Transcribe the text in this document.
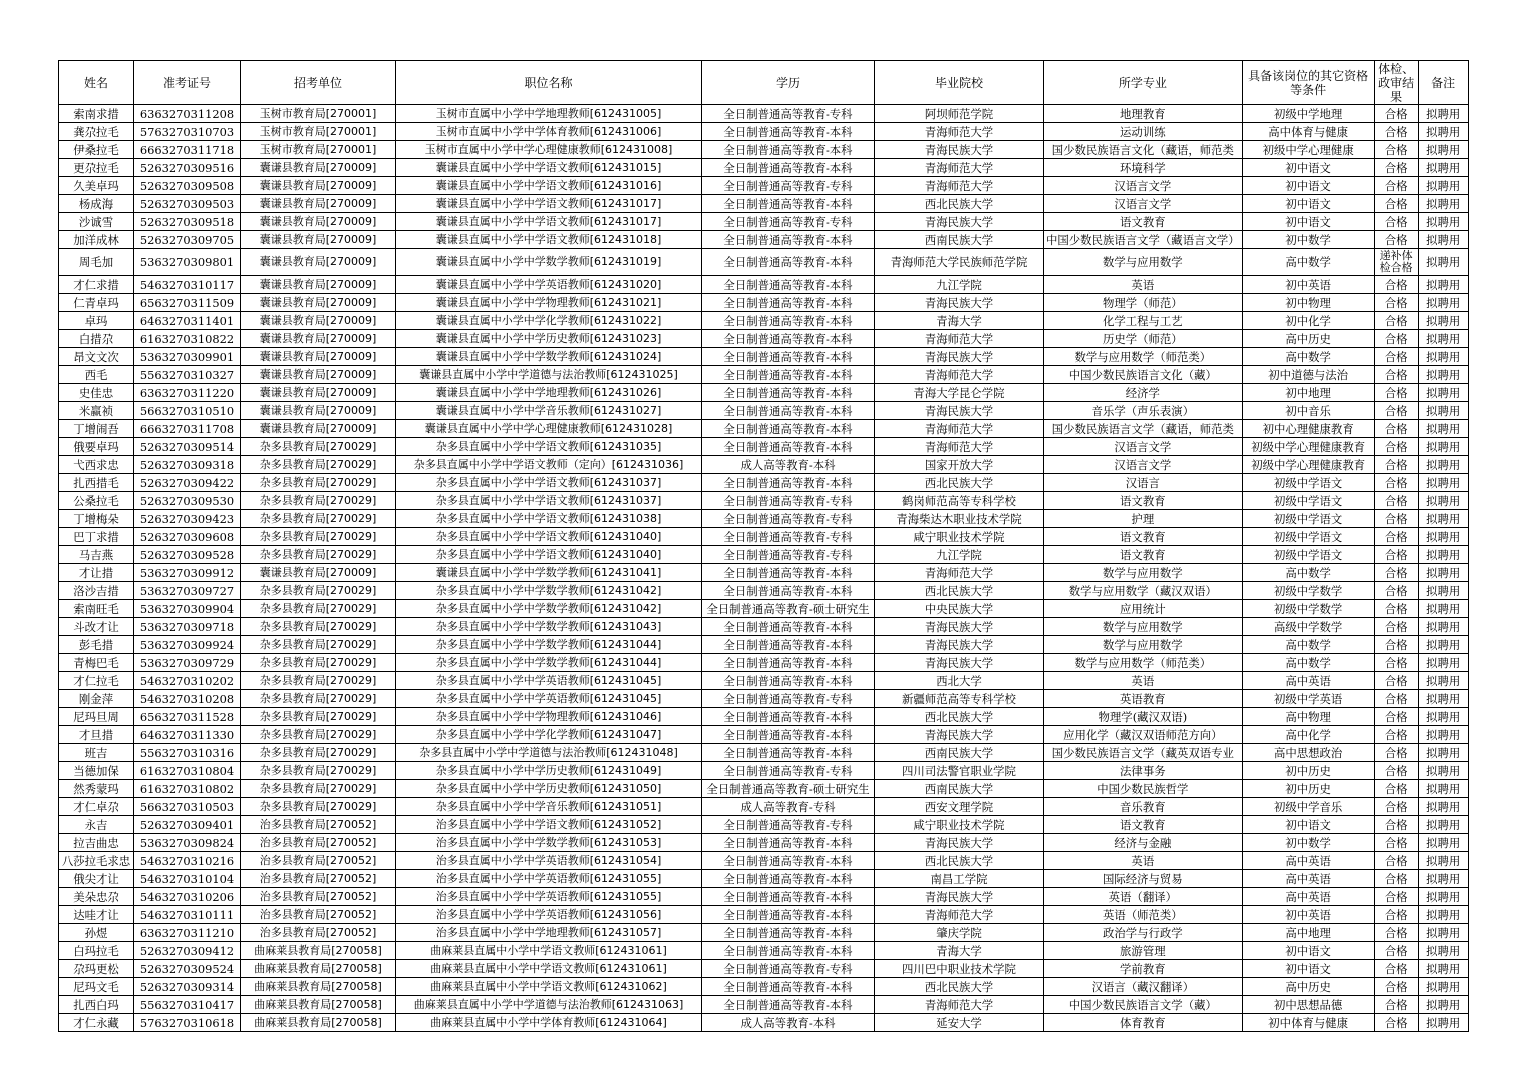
姓名	准考证号	招考单位	职位名称	学历	毕业院校	所学专业	具备该岗位的其它资格等条件	体检、政审结果	备注
索南求措	6363270311208	玉树市教育局[270001]	玉树市直属中小学中学地理教师[612431005]	全日制普通高等教育-专科	阿坝师范学院	地理教育	初级中学地理	合格	拟聘用
龚尕拉毛	5763270310703	玉树市教育局[270001]	玉树市直属中小学中学体育教师[612431006]	全日制普通高等教育-本科	青海师范大学	运动训练	高中体育与健康	合格	拟聘用
伊桑拉毛	6663270311718	玉树市教育局[270001]	玉树市直属中小学中学心理健康教师[612431008]	全日制普通高等教育-本科	青海民族大学	国少数民族语言文化（藏语，师范类	初级中学心理健康	合格	拟聘用
更尕拉毛	5263270309516	囊谦县教育局[270009]	囊谦县直属中小学中学语文教师[612431015]	全日制普通高等教育-本科	青海师范大学	环境科学	初中语文	合格	拟聘用
久美卓玛	5263270309508	囊谦县教育局[270009]	囊谦县直属中小学中学语文教师[612431016]	全日制普通高等教育-专科	青海师范大学	汉语言文学	初中语文	合格	拟聘用
杨成海	5263270309503	囊谦县教育局[270009]	囊谦县直属中小学中学语文教师[612431017]	全日制普通高等教育-本科	西北民族大学	汉语言文学	初中语文	合格	拟聘用
沙诚雪	5263270309518	囊谦县教育局[270009]	囊谦县直属中小学中学语文教师[612431017]	全日制普通高等教育-专科	青海民族大学	语文教育	初中语文	合格	拟聘用
加洋成林	5263270309705	囊谦县教育局[270009]	囊谦县直属中小学中学语文教师[612431018]	全日制普通高等教育-本科	西南民族大学	中国少数民族语言文学（藏语言文学）	初中数学	合格	拟聘用
周毛加	5363270309801	囊谦县教育局[270009]	囊谦县直属中小学中学数学教师[612431019]	全日制普通高等教育-本科	青海师范大学民族师范学院	数学与应用数学	高中数学	递补体检合格	拟聘用
才仁求措	5463270310117	囊谦县教育局[270009]	囊谦县直属中小学中学英语教师[612431020]	全日制普通高等教育-本科	九江学院	英语	初中英语	合格	拟聘用
仁青卓玛	6563270311509	囊谦县教育局[270009]	囊谦县直属中小学中学物理教师[612431021]	全日制普通高等教育-本科	青海民族大学	物理学（师范）	初中物理	合格	拟聘用
卓玛	6463270311401	囊谦县教育局[270009]	囊谦县直属中小学中学化学教师[612431022]	全日制普通高等教育-本科	青海大学	化学工程与工艺	初中化学	合格	拟聘用
白措尕	6163270310822	囊谦县教育局[270009]	囊谦县直属中小学中学历史教师[612431023]	全日制普通高等教育-本科	青海师范大学	历史学（师范）	高中历史	合格	拟聘用
昂文文次	5363270309901	囊谦县教育局[270009]	囊谦县直属中小学中学数学教师[612431024]	全日制普通高等教育-本科	青海民族大学	数学与应用数学（师范类）	高中数学	合格	拟聘用
西毛	5563270310327	囊谦县教育局[270009]	囊谦县直属中小学中学道德与法治教师[612431025]	全日制普通高等教育-本科	青海师范大学	中国少数民族语言文化（藏）	初中道德与法治	合格	拟聘用
史佳忠	6363270311220	囊谦县教育局[270009]	囊谦县直属中小学中学地理教师[612431026]	全日制普通高等教育-本科	青海大学昆仑学院	经济学	初中地理	合格	拟聘用
米赢祯	5663270310510	囊谦县教育局[270009]	囊谦县直属中小学中学音乐教师[612431027]	全日制普通高等教育-本科	青海民族大学	音乐学（声乐表演）	初中音乐	合格	拟聘用
丁增闹吾	6663270311708	囊谦县教育局[270009]	囊谦县直属中小学中学心理健康教师[612431028]	全日制普通高等教育-本科	青海师范大学	国少数民族语言文学（藏语，师范类	初中心理健康教育	合格	拟聘用
俄要卓玛	5263270309514	杂多县教育局[270029]	杂多县直属中小学中学语文教师[612431035]	全日制普通高等教育-本科	青海师范大学	汉语言文学	初级中学心理健康教育	合格	拟聘用
弋西求忠	5263270309318	杂多县教育局[270029]	杂多县直属中小学中学语文教师（定向）[612431036]	成人高等教育-本科	国家开放大学	汉语言文学	初级中学心理健康教育	合格	拟聘用
扎西措毛	5263270309422	杂多县教育局[270029]	杂多县直属中小学中学语文教师[612431037]	全日制普通高等教育-本科	西北民族大学	汉语言	初级中学语文	合格	拟聘用
公桑拉毛	5263270309530	杂多县教育局[270029]	杂多县直属中小学中学语文教师[612431037]	全日制普通高等教育-专科	鹤岗师范高等专科学校	语文教育	初级中学语文	合格	拟聘用
丁增梅朵	5263270309423	杂多县教育局[270029]	杂多县直属中小学中学语文教师[612431038]	全日制普通高等教育-专科	青海柴达木职业技术学院	护理	初级中学语文	合格	拟聘用
巴丁求措	5263270309608	杂多县教育局[270029]	杂多县直属中小学中学语文教师[612431040]	全日制普通高等教育-专科	咸宁职业技术学院	语文教育	初级中学语文	合格	拟聘用
马吉燕	5263270309528	杂多县教育局[270029]	杂多县直属中小学中学语文教师[612431040]	全日制普通高等教育-专科	九江学院	语文教育	初级中学语文	合格	拟聘用
才让措	5363270309912	囊谦县教育局[270009]	囊谦县直属中小学中学数学教师[612431041]	全日制普通高等教育-本科	青海师范大学	数学与应用数学	高中数学	合格	拟聘用
洛沙吉措	5363270309727	杂多县教育局[270029]	杂多县直属中小学中学数学教师[612431042]	全日制普通高等教育-本科	西北民族大学	数学与应用数学（藏汉双语）	初级中学数学	合格	拟聘用
索南旺毛	5363270309904	杂多县教育局[270029]	杂多县直属中小学中学数学教师[612431042]	全日制普通高等教育-硕士研究生	中央民族大学	应用统计	初级中学数学	合格	拟聘用
斗改才让	5363270309718	杂多县教育局[270029]	杂多县直属中小学中学数学教师[612431043]	全日制普通高等教育-本科	青海民族大学	数学与应用数学	高级中学数学	合格	拟聘用
彭毛措	5363270309924	杂多县教育局[270029]	杂多县直属中小学中学数学教师[612431044]	全日制普通高等教育-本科	青海民族大学	数学与应用数学	高中数学	合格	拟聘用
青梅巴毛	5363270309729	杂多县教育局[270029]	杂多县直属中小学中学数学教师[612431044]	全日制普通高等教育-本科	青海民族大学	数学与应用数学（师范类）	高中数学	合格	拟聘用
才仁拉毛	5463270310202	杂多县教育局[270029]	杂多县直属中小学中学英语教师[612431045]	全日制普通高等教育-本科	西北大学	英语	高中英语	合格	拟聘用
刚金萍	5463270310208	杂多县教育局[270029]	杂多县直属中小学中学英语教师[612431045]	全日制普通高等教育-专科	新疆师范高等专科学校	英语教育	初级中学英语	合格	拟聘用
尼玛旦周	6563270311528	杂多县教育局[270029]	杂多县直属中小学中学物理教师[612431046]	全日制普通高等教育-本科	西北民族大学	物理学(藏汉双语)	高中物理	合格	拟聘用
才旦措	6463270311330	杂多县教育局[270029]	杂多县直属中小学中学化学教师[612431047]	全日制普通高等教育-本科	青海民族大学	应用化学（藏汉双语师范方向）	高中化学	合格	拟聘用
班吉	5563270310316	杂多县教育局[270029]	杂多县直属中小学中学道德与法治教师[612431048]	全日制普通高等教育-本科	西南民族大学	国少数民族语言文学（藏英双语专业	高中思想政治	合格	拟聘用
当德加保	6163270310804	杂多县教育局[270029]	杂多县直属中小学中学历史教师[612431049]	全日制普通高等教育-专科	四川司法警官职业学院	法律事务	初中历史	合格	拟聘用
然秀蒙玛	6163270310802	杂多县教育局[270029]	杂多县直属中小学中学历史教师[612431050]	全日制普通高等教育-硕士研究生	西南民族大学	中国少数民族哲学	初中历史	合格	拟聘用
才仁卓尕	5663270310503	杂多县教育局[270029]	杂多县直属中小学中学音乐教师[612431051]	成人高等教育-专科	西安文理学院	音乐教育	初级中学音乐	合格	拟聘用
永吉	5263270309401	治多县教育局[270052]	治多县直属中小学中学语文教师[612431052]	全日制普通高等教育-专科	咸宁职业技术学院	语文教育	初中语文	合格	拟聘用
拉吉曲忠	5363270309824	治多县教育局[270052]	治多县直属中小学中学数学教师[612431053]	全日制普通高等教育-本科	青海民族大学	经济与金融	初中数学	合格	拟聘用
八莎拉毛求忠	5463270310216	治多县教育局[270052]	治多县直属中小学中学英语教师[612431054]	全日制普通高等教育-本科	西北民族大学	英语	高中英语	合格	拟聘用
俄尖才让	5463270310104	治多县教育局[270052]	治多县直属中小学中学英语教师[612431055]	全日制普通高等教育-本科	南昌工学院	国际经济与贸易	高中英语	合格	拟聘用
美朵忠尕	5463270310206	治多县教育局[270052]	治多县直属中小学中学英语教师[612431055]	全日制普通高等教育-本科	青海民族大学	英语（翻译）	高中英语	合格	拟聘用
达哇才让	5463270310111	治多县教育局[270052]	治多县直属中小学中学英语教师[612431056]	全日制普通高等教育-本科	青海师范大学	英语（师范类）	初中英语	合格	拟聘用
孙煜	6363270311210	治多县教育局[270052]	治多县直属中小学中学地理教师[612431057]	全日制普通高等教育-本科	肇庆学院	政治学与行政学	高中地理	合格	拟聘用
白玛拉毛	5263270309412	曲麻莱县教育局[270058]	曲麻莱县直属中小学中学语文教师[612431061]	全日制普通高等教育-本科	青海大学	旅游管理	初中语文	合格	拟聘用
尕玛更松	5263270309524	曲麻莱县教育局[270058]	曲麻莱县直属中小学中学语文教师[612431061]	全日制普通高等教育-专科	四川巴中职业技术学院	学前教育	初中语文	合格	拟聘用
尼玛文毛	5263270309314	曲麻莱县教育局[270058]	曲麻莱县直属中小学中学语文教师[612431062]	全日制普通高等教育-本科	西北民族大学	汉语言（藏汉翻译）	高中历史	合格	拟聘用
扎西白玛	5563270310417	曲麻莱县教育局[270058]	曲麻莱县直属中小学中学道德与法治教师[612431063]	全日制普通高等教育-本科	青海师范大学	中国少数民族语言文学（藏）	初中思想品德	合格	拟聘用
才仁永藏	5763270310618	曲麻莱县教育局[270058]	曲麻莱县直属中小学中学体育教师[612431064]	成人高等教育-本科	延安大学	体育教育	初中体育与健康	合格	拟聘用
